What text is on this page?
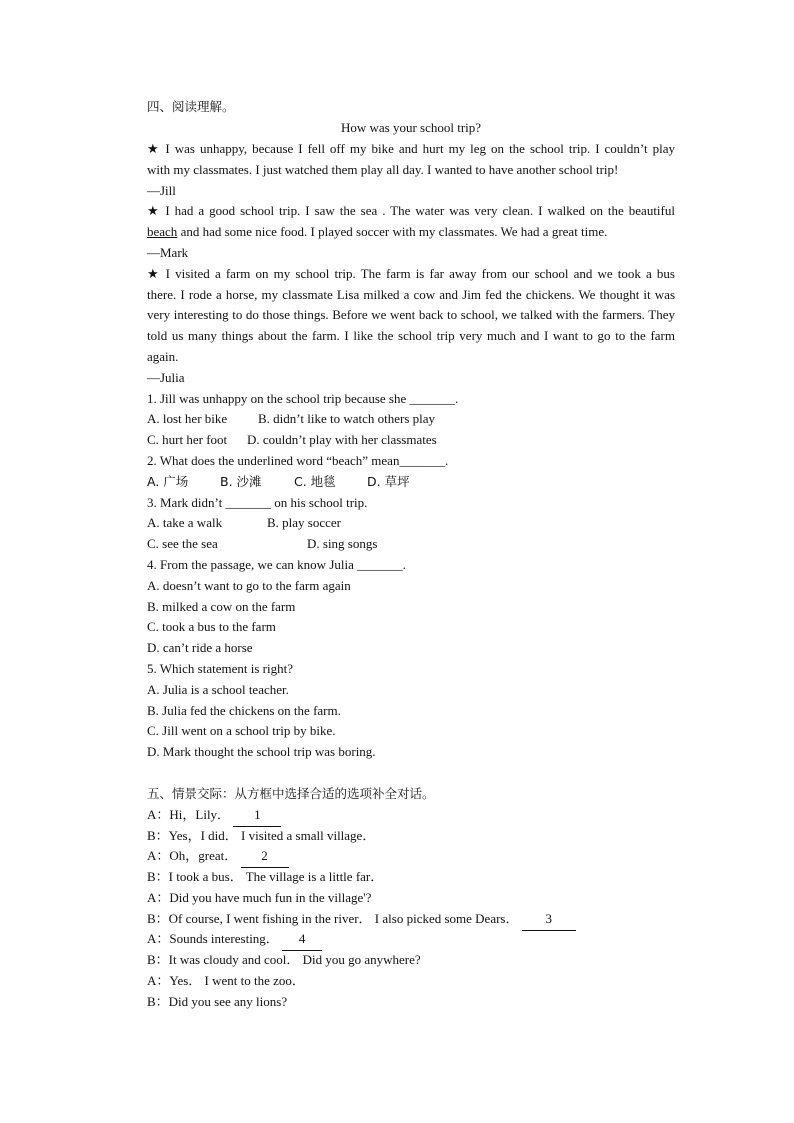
四、阅读理解。
How was your school trip?
★ I was unhappy, because I fell off my bike and hurt my leg on the school trip. I couldn’t play
with my classmates. I just watched them play all day. I wanted to have another school trip!
—Jill
★ I had a good school trip. I saw the sea . The water was very clean. I walked on the beautiful
beach and had some nice food. I played soccer with my classmates. We had a great time.
—Mark
★ I visited a farm on my school trip. The farm is far away from our school and we took a bus
there. I rode a horse, my classmate Lisa milked a cow and Jim fed the chickens. We thought it was
very interesting to do those things. Before we went back to school, we talked with the farmers. They
told us many things about the farm. I like the school trip very much and I want to go to the farm
again.
—Julia
1. Jill was unhappy on the school trip because she _______.
A. lost her bike B. didn’t like to watch others play
C. hurt her foot D. couldn’t play with her classmates
2. What does the underlined word “beach” mean_______.
A. 广场	B. 沙滩	C. 地毯	D. 草坪
3. Mark didn’t _______ on his school trip.
A. take a walk	B. play soccer
C. see the sea	D. sing songs
4. From the passage, we can know Julia _______.
A. doesn’t want to go to the farm again
B. milked a cow on the farm
C. took a bus to the farm
D. can’t ride a horse
5. Which statement is right?
A. Julia is a school teacher.
B. Julia fed the chickens on the farm.
C. Jill went on a school trip by bike.
D. Mark thought the school trip was boring.
五、情景交际：从方框中选择合适的选项补全对话。
A：Hi，Lily． 1
B：Yes，I did． I visited a small village．
A：Oh，great． 2
B：I took a bus． The village is a little far．
A：Did you have much fun in the village'?
B：Of course, I went fishing in the river． I also picked some Dears． 3
A：Sounds interesting． 4
B：It was cloudy and cool． Did you go anywhere?
A：Yes． I went to the zoo．
B：Did you see any lions?
